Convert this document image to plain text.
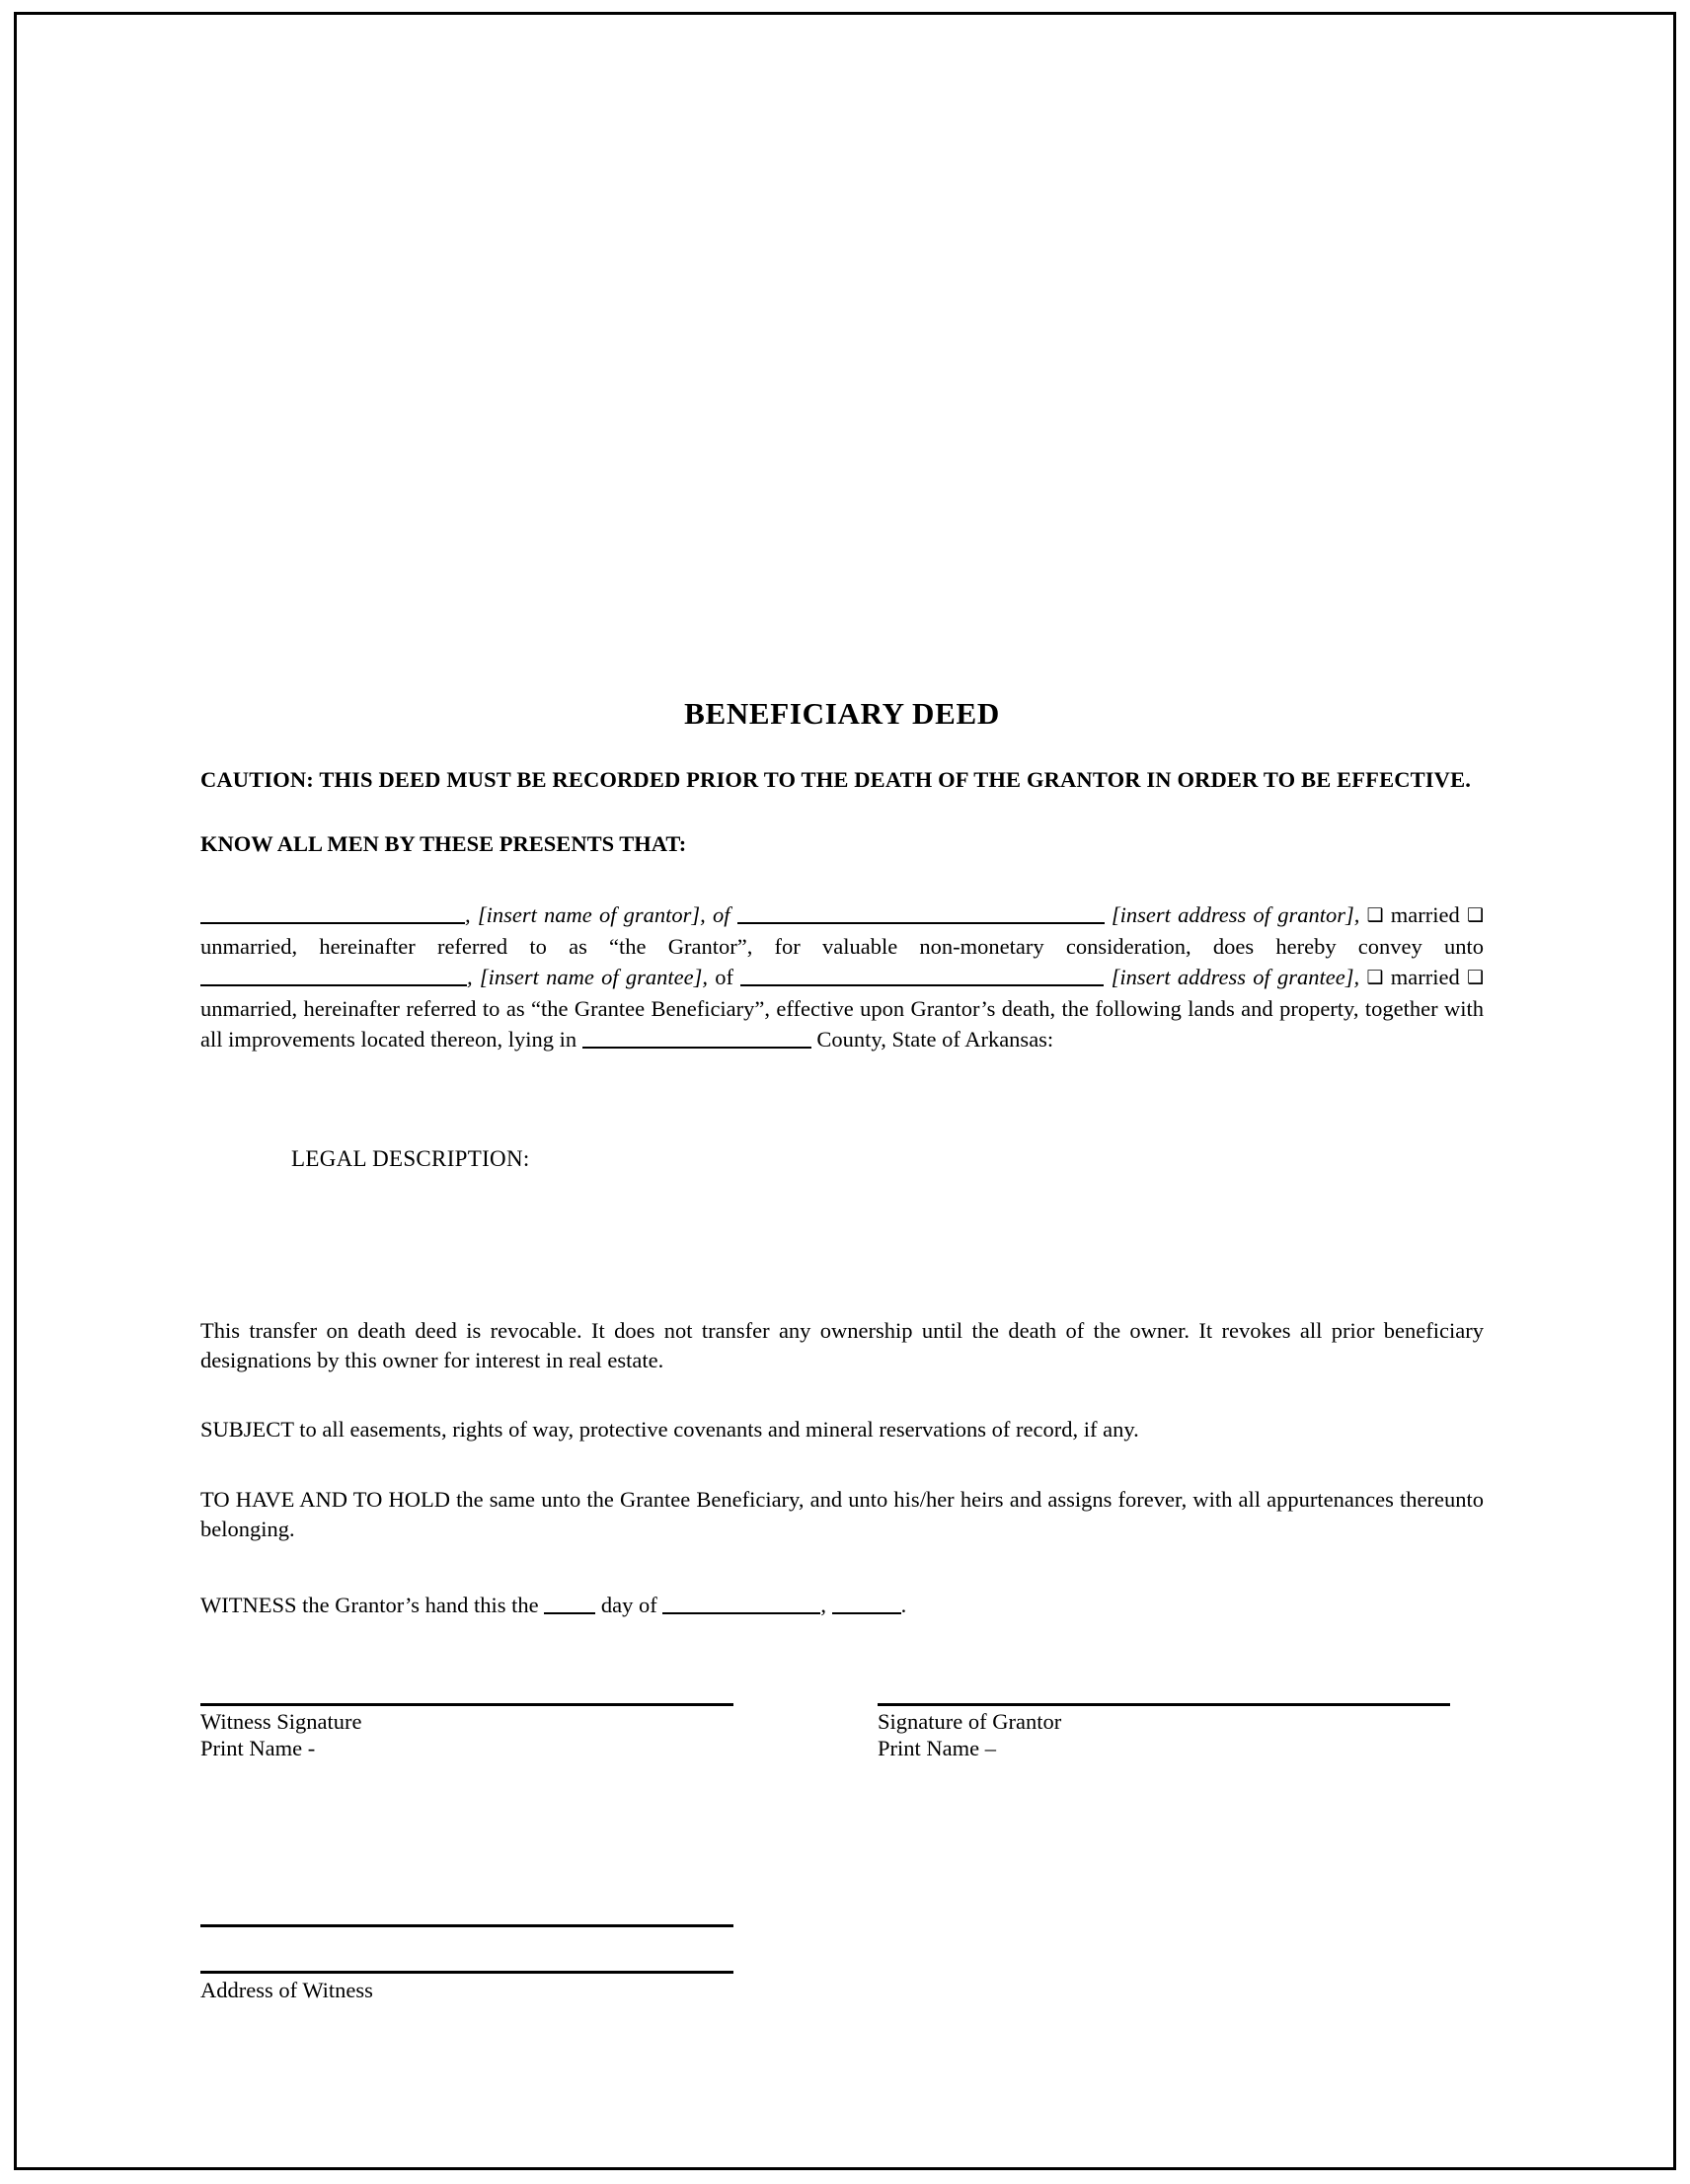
BENEFICIARY DEED

CAUTION: THIS DEED MUST BE RECORDED PRIOR TO THE DEATH OF THE GRANTOR IN ORDER TO BE EFFECTIVE.

KNOW ALL MEN BY THESE PRESENTS THAT:

, [insert name of grantor], of	[insert address of grantor], ❑ married ❑ unmarried, hereinafter referred to as “the Grantor”, for valuable non-monetary consideration, does hereby convey unto , [insert name of grantee], of	[insert address of grantee], ❑ married ❑ unmarried, hereinafter referred to as “the Grantee Beneficiary”, effective upon Grantor’s death, the following lands and property, together with all improvements located thereon, lying in	County, State of Arkansas:

LEGAL DESCRIPTION:

This transfer on death deed is revocable. It does not transfer any ownership until the death of the owner. It revokes all prior beneficiary designations by this owner for interest in real estate.

SUBJECT to all easements, rights of way, protective covenants and mineral reservations of record, if any.

TO HAVE AND TO HOLD the same unto the Grantee Beneficiary, and unto his/her heirs and assigns forever, with all appurtenances thereunto belonging.

WITNESS the Grantor’s hand this the	day of	,	.

Witness Signature
Print Name -
Signature of Grantor
Print Name –
Address of Witness
